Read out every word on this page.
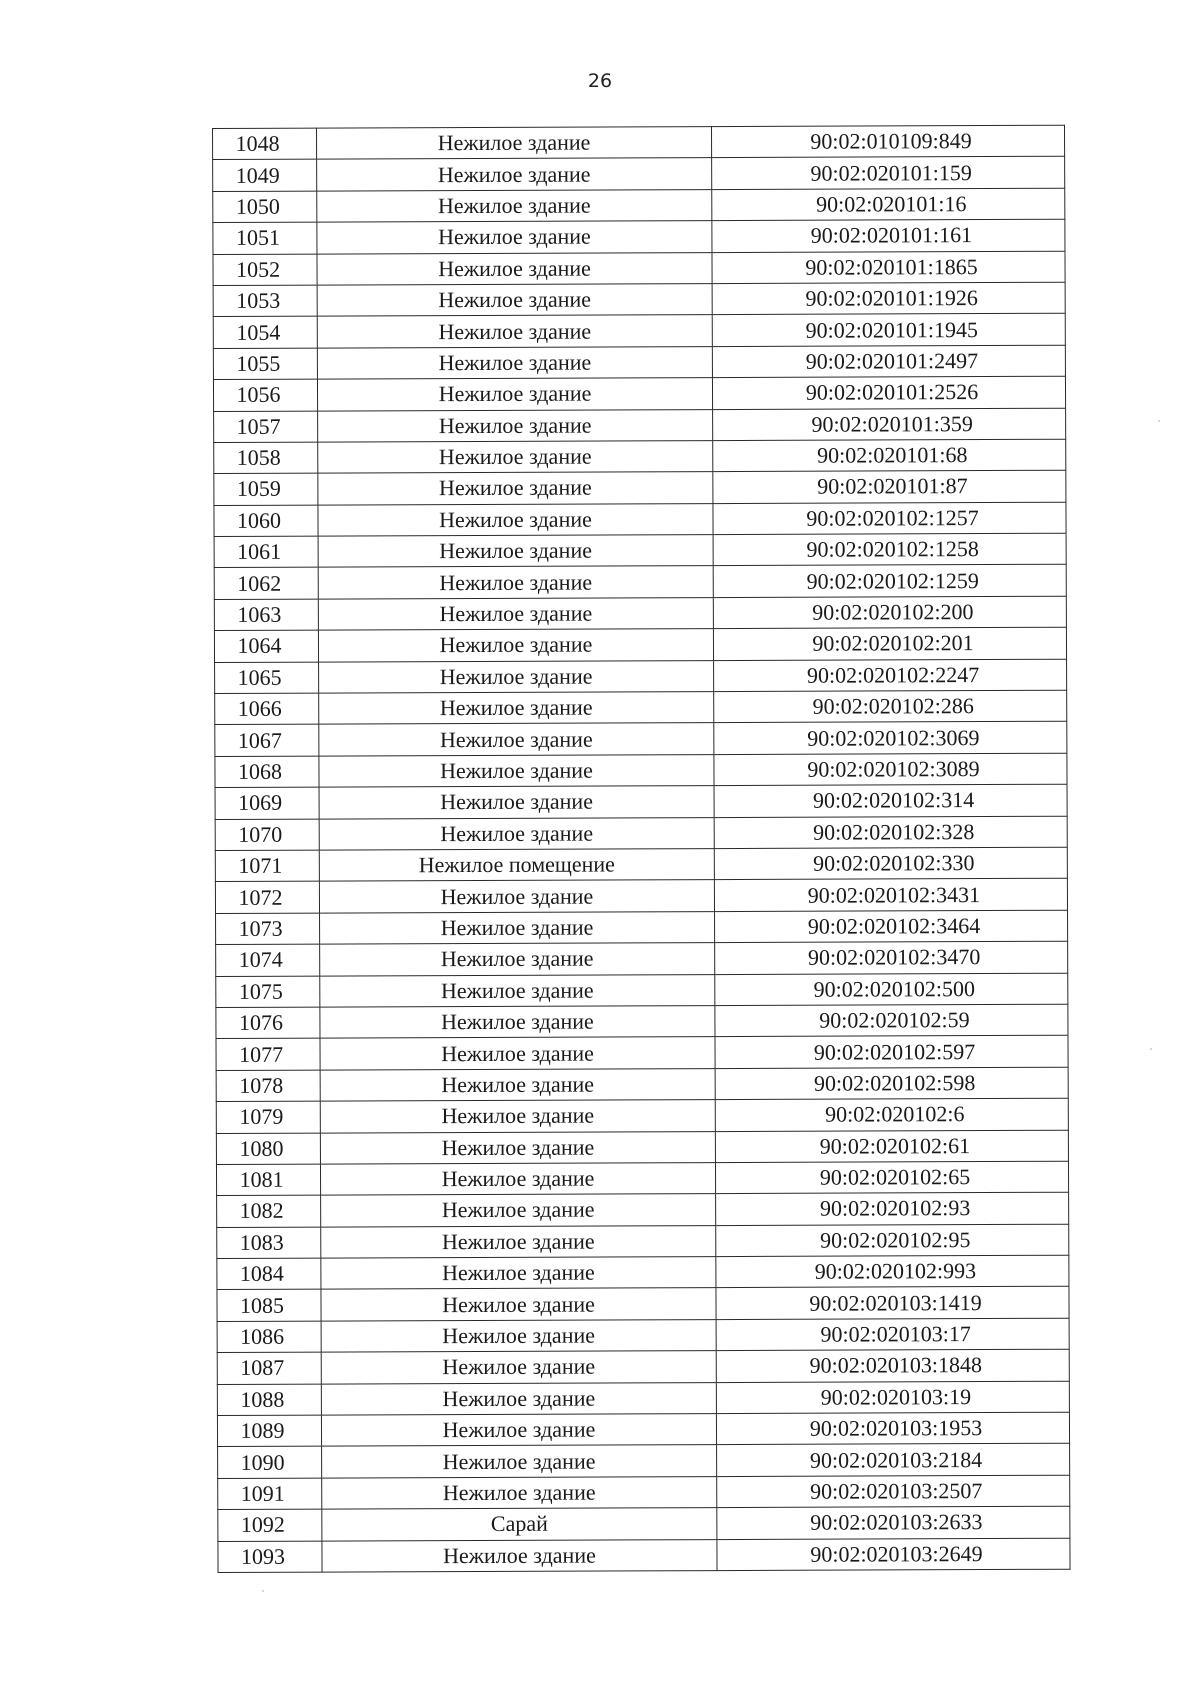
26
1048	Нежилое здание	90:02:010109:849
1049	Нежилое здание	90:02:020101:159
1050	Нежилое здание	90:02:020101:16
1051	Нежилое здание	90:02:020101:161
1052	Нежилое здание	90:02:020101:1865
1053	Нежилое здание	90:02:020101:1926
1054	Нежилое здание	90:02:020101:1945
1055	Нежилое здание	90:02:020101:2497
1056	Нежилое здание	90:02:020101:2526
1057	Нежилое здание	90:02:020101:359
1058	Нежилое здание	90:02:020101:68
1059	Нежилое здание	90:02:020101:87
1060	Нежилое здание	90:02:020102:1257
1061	Нежилое здание	90:02:020102:1258
1062	Нежилое здание	90:02:020102:1259
1063	Нежилое здание	90:02:020102:200
1064	Нежилое здание	90:02:020102:201
1065	Нежилое здание	90:02:020102:2247
1066	Нежилое здание	90:02:020102:286
1067	Нежилое здание	90:02:020102:3069
1068	Нежилое здание	90:02:020102:3089
1069	Нежилое здание	90:02:020102:314
1070	Нежилое здание	90:02:020102:328
1071	Нежилое помещение	90:02:020102:330
1072	Нежилое здание	90:02:020102:3431
1073	Нежилое здание	90:02:020102:3464
1074	Нежилое здание	90:02:020102:3470
1075	Нежилое здание	90:02:020102:500
1076	Нежилое здание	90:02:020102:59
1077	Нежилое здание	90:02:020102:597
1078	Нежилое здание	90:02:020102:598
1079	Нежилое здание	90:02:020102:6
1080	Нежилое здание	90:02:020102:61
1081	Нежилое здание	90:02:020102:65
1082	Нежилое здание	90:02:020102:93
1083	Нежилое здание	90:02:020102:95
1084	Нежилое здание	90:02:020102:993
1085	Нежилое здание	90:02:020103:1419
1086	Нежилое здание	90:02:020103:17
1087	Нежилое здание	90:02:020103:1848
1088	Нежилое здание	90:02:020103:19
1089	Нежилое здание	90:02:020103:1953
1090	Нежилое здание	90:02:020103:2184
1091	Нежилое здание	90:02:020103:2507
1092	Сарай	90:02:020103:2633
1093	Нежилое здание	90:02:020103:2649
